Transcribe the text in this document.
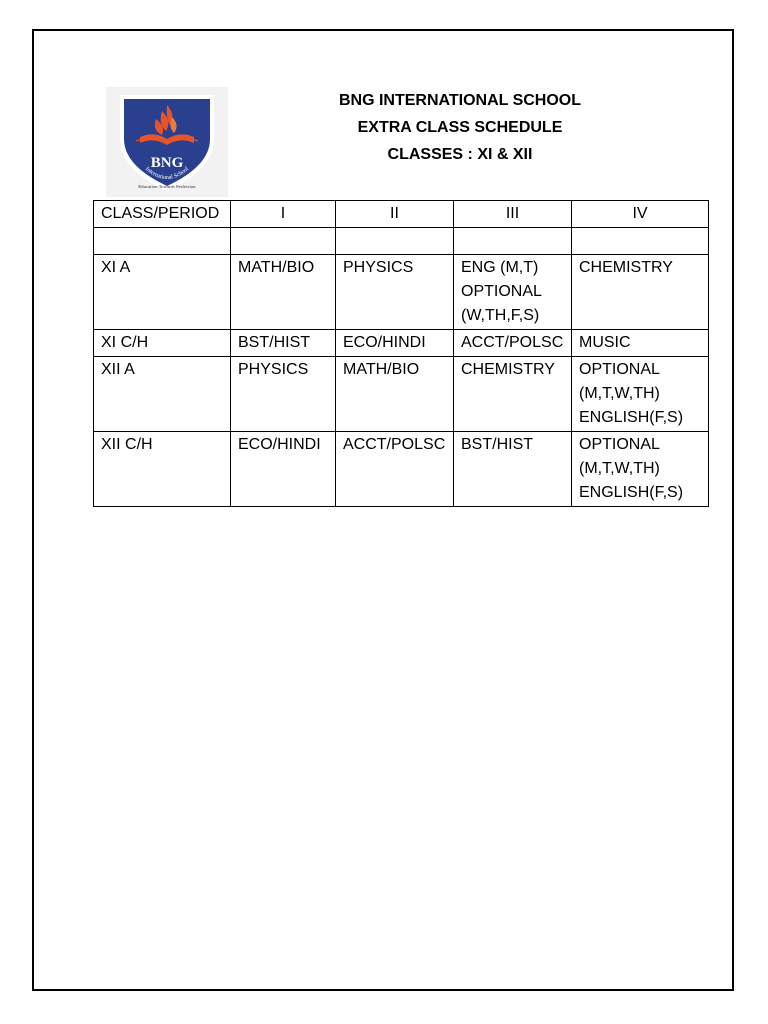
BNG
International School
Education Towards Perfection
BNG INTERNATIONAL SCHOOL
EXTRA CLASS SCHEDULE
CLASSES : XI & XII
CLASS/PERIOD	I	II	III	IV

XI A	MATH/BIO	PHYSICS	ENG (M,T)
OPTIONAL
(W,TH,F,S)	CHEMISTRY
XI C/H	BST/HIST	ECO/HINDI	ACCT/POLSC	MUSIC
XII A	PHYSICS	MATH/BIO	CHEMISTRY	OPTIONAL
(M,T,W,TH)
ENGLISH(F,S)
XII C/H	ECO/HINDI	ACCT/POLSC	BST/HIST	OPTIONAL
(M,T,W,TH)
ENGLISH(F,S)
